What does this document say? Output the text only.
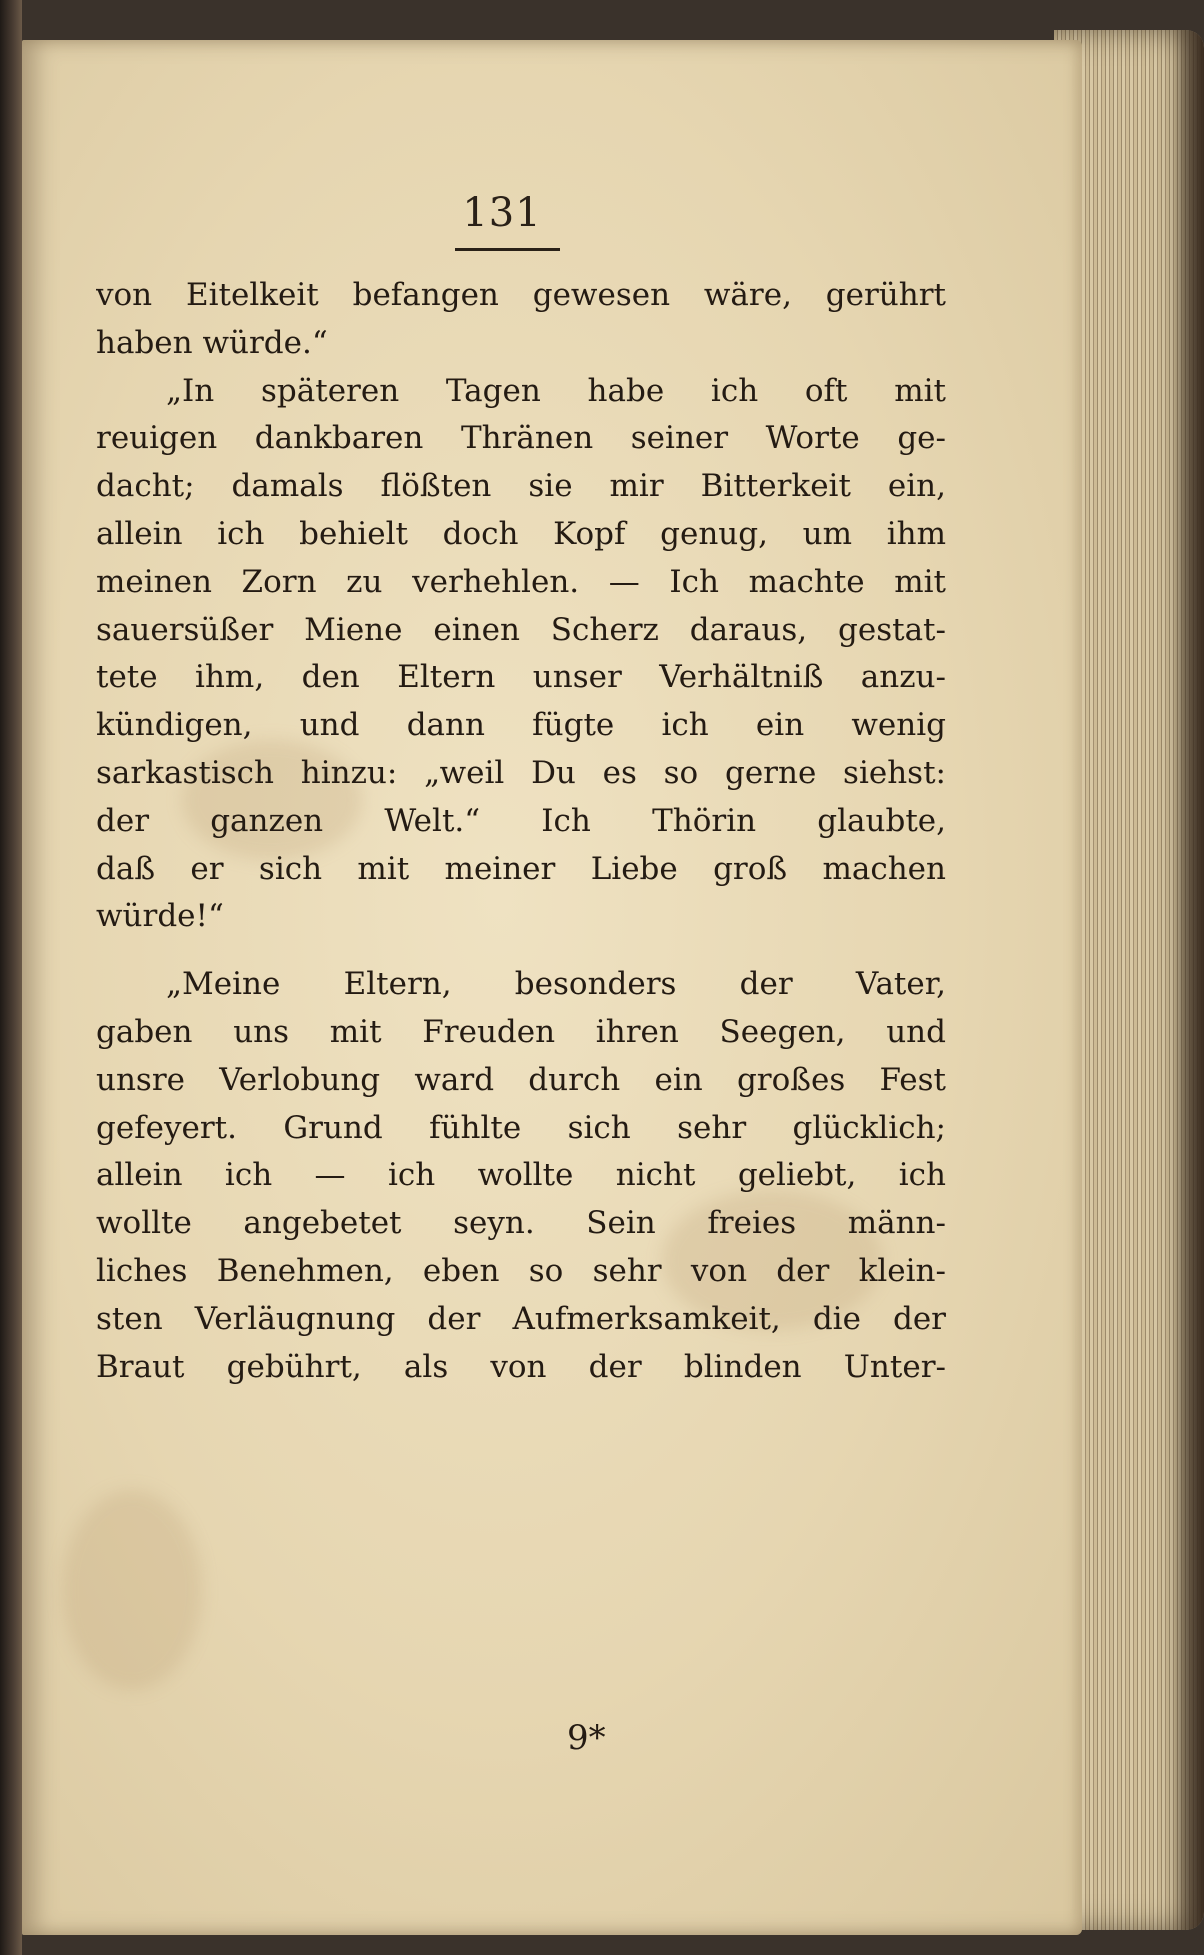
131
von Eitelkeit befangen gewesen wäre, gerührt
haben würde.“
„In späteren Tagen habe ich oft mit
reuigen dankbaren Thränen seiner Worte ge-
dacht; damals flößten sie mir Bitterkeit ein,
allein ich behielt doch Kopf genug, um ihm
meinen Zorn zu verhehlen. — Ich machte mit
sauersüßer Miene einen Scherz daraus, gestat-
tete ihm, den Eltern unser Verhältniß anzu-
kündigen, und dann fügte ich ein wenig
sarkastisch hinzu: „weil Du es so gerne siehst:
der ganzen Welt.“ Ich Thörin glaubte,
daß er sich mit meiner Liebe groß machen
würde!“
„Meine Eltern, besonders der Vater,
gaben uns mit Freuden ihren Seegen, und
unsre Verlobung ward durch ein großes Fest
gefeyert. Grund fühlte sich sehr glücklich;
allein ich — ich wollte nicht geliebt, ich
wollte angebetet seyn. Sein freies männ-
liches Benehmen, eben so sehr von der klein-
sten Verläugnung der Aufmerksamkeit, die der
Braut gebührt, als von der blinden Unter-
9*
